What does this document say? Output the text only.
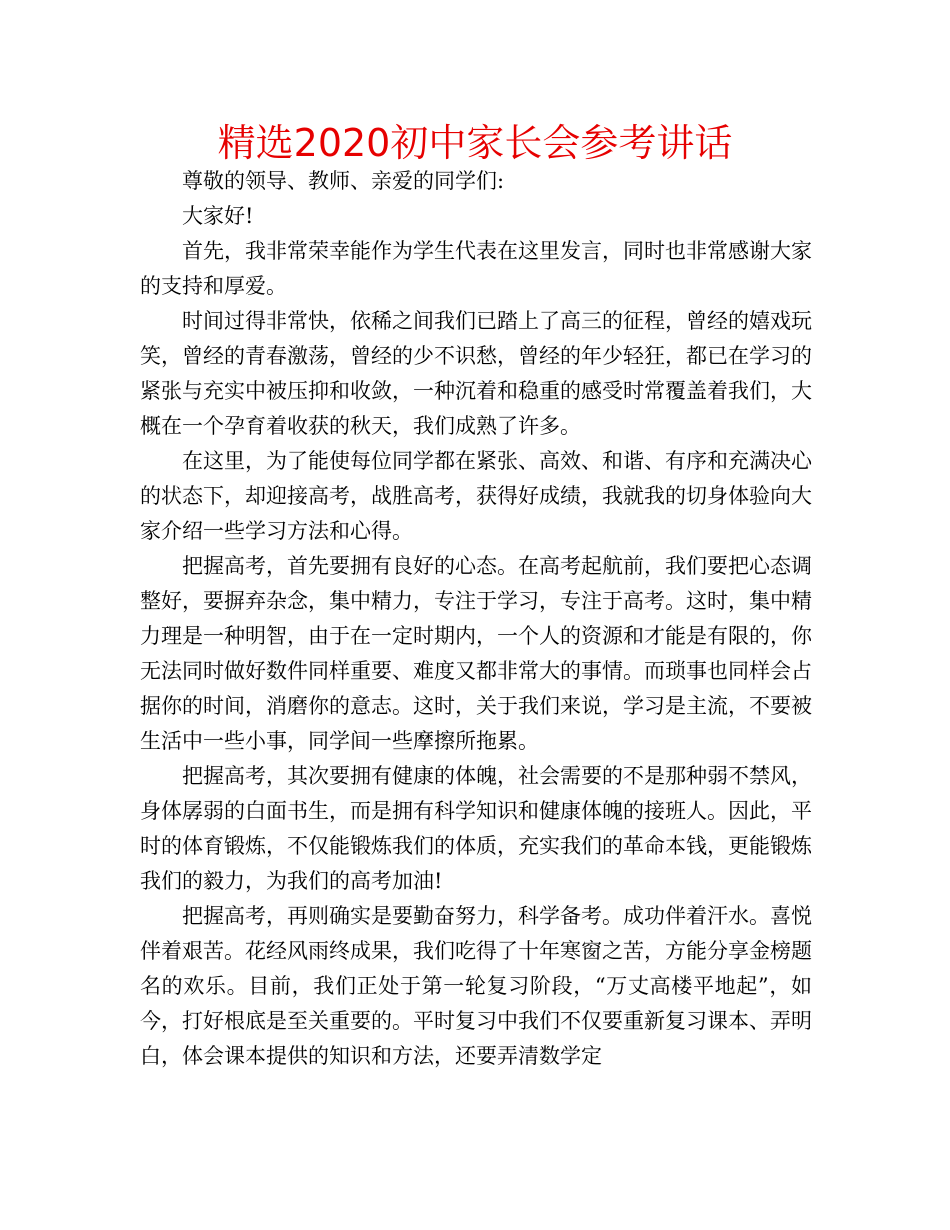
精选2020初中家长会参考讲话

尊敬的领导、教师、亲爱的同学们:

大家好!

首先，我非常荣幸能作为学生代表在这里发言，同时也非常感谢大家的支持和厚爱。

时间过得非常快，依稀之间我们已踏上了高三的征程，曾经的嬉戏玩笑，曾经的青春激荡，曾经的少不识愁，曾经的年少轻狂，都已在学习的紧张与充实中被压抑和收敛，一种沉着和稳重的感受时常覆盖着我们，大概在一个孕育着收获的秋天，我们成熟了许多。

在这里，为了能使每位同学都在紧张、高效、和谐、有序和充满决心的状态下，却迎接高考，战胜高考，获得好成绩，我就我的切身体验向大家介绍一些学习方法和心得。

把握高考，首先要拥有良好的心态。在高考起航前，我们要把心态调整好，要摒弃杂念，集中精力，专注于学习，专注于高考。这时，集中精力理是一种明智，由于在一定时期内，一个人的资源和才能是有限的，你无法同时做好数件同样重要、难度又都非常大的事情。而琐事也同样会占据你的时间，消磨你的意志。这时，关于我们来说，学习是主流，不要被生活中一些小事，同学间一些摩擦所拖累。

把握高考，其次要拥有健康的体魄，社会需要的不是那种弱不禁风，身体孱弱的白面书生，而是拥有科学知识和健康体魄的接班人。因此，平时的体育锻炼，不仅能锻炼我们的体质，充实我们的革命本钱，更能锻炼我们的毅力，为我们的高考加油!

把握高考，再则确实是要勤奋努力，科学备考。成功伴着汗水。喜悦伴着艰苦。花经风雨终成果，我们吃得了十年寒窗之苦，方能分享金榜题名的欢乐。目前，我们正处于第一轮复习阶段，“万丈高楼平地起”，如今，打好根底是至关重要的。平时复习中我们不仅要重新复习课本、弄明白，体会课本提供的知识和方法，还要弄清数学定
